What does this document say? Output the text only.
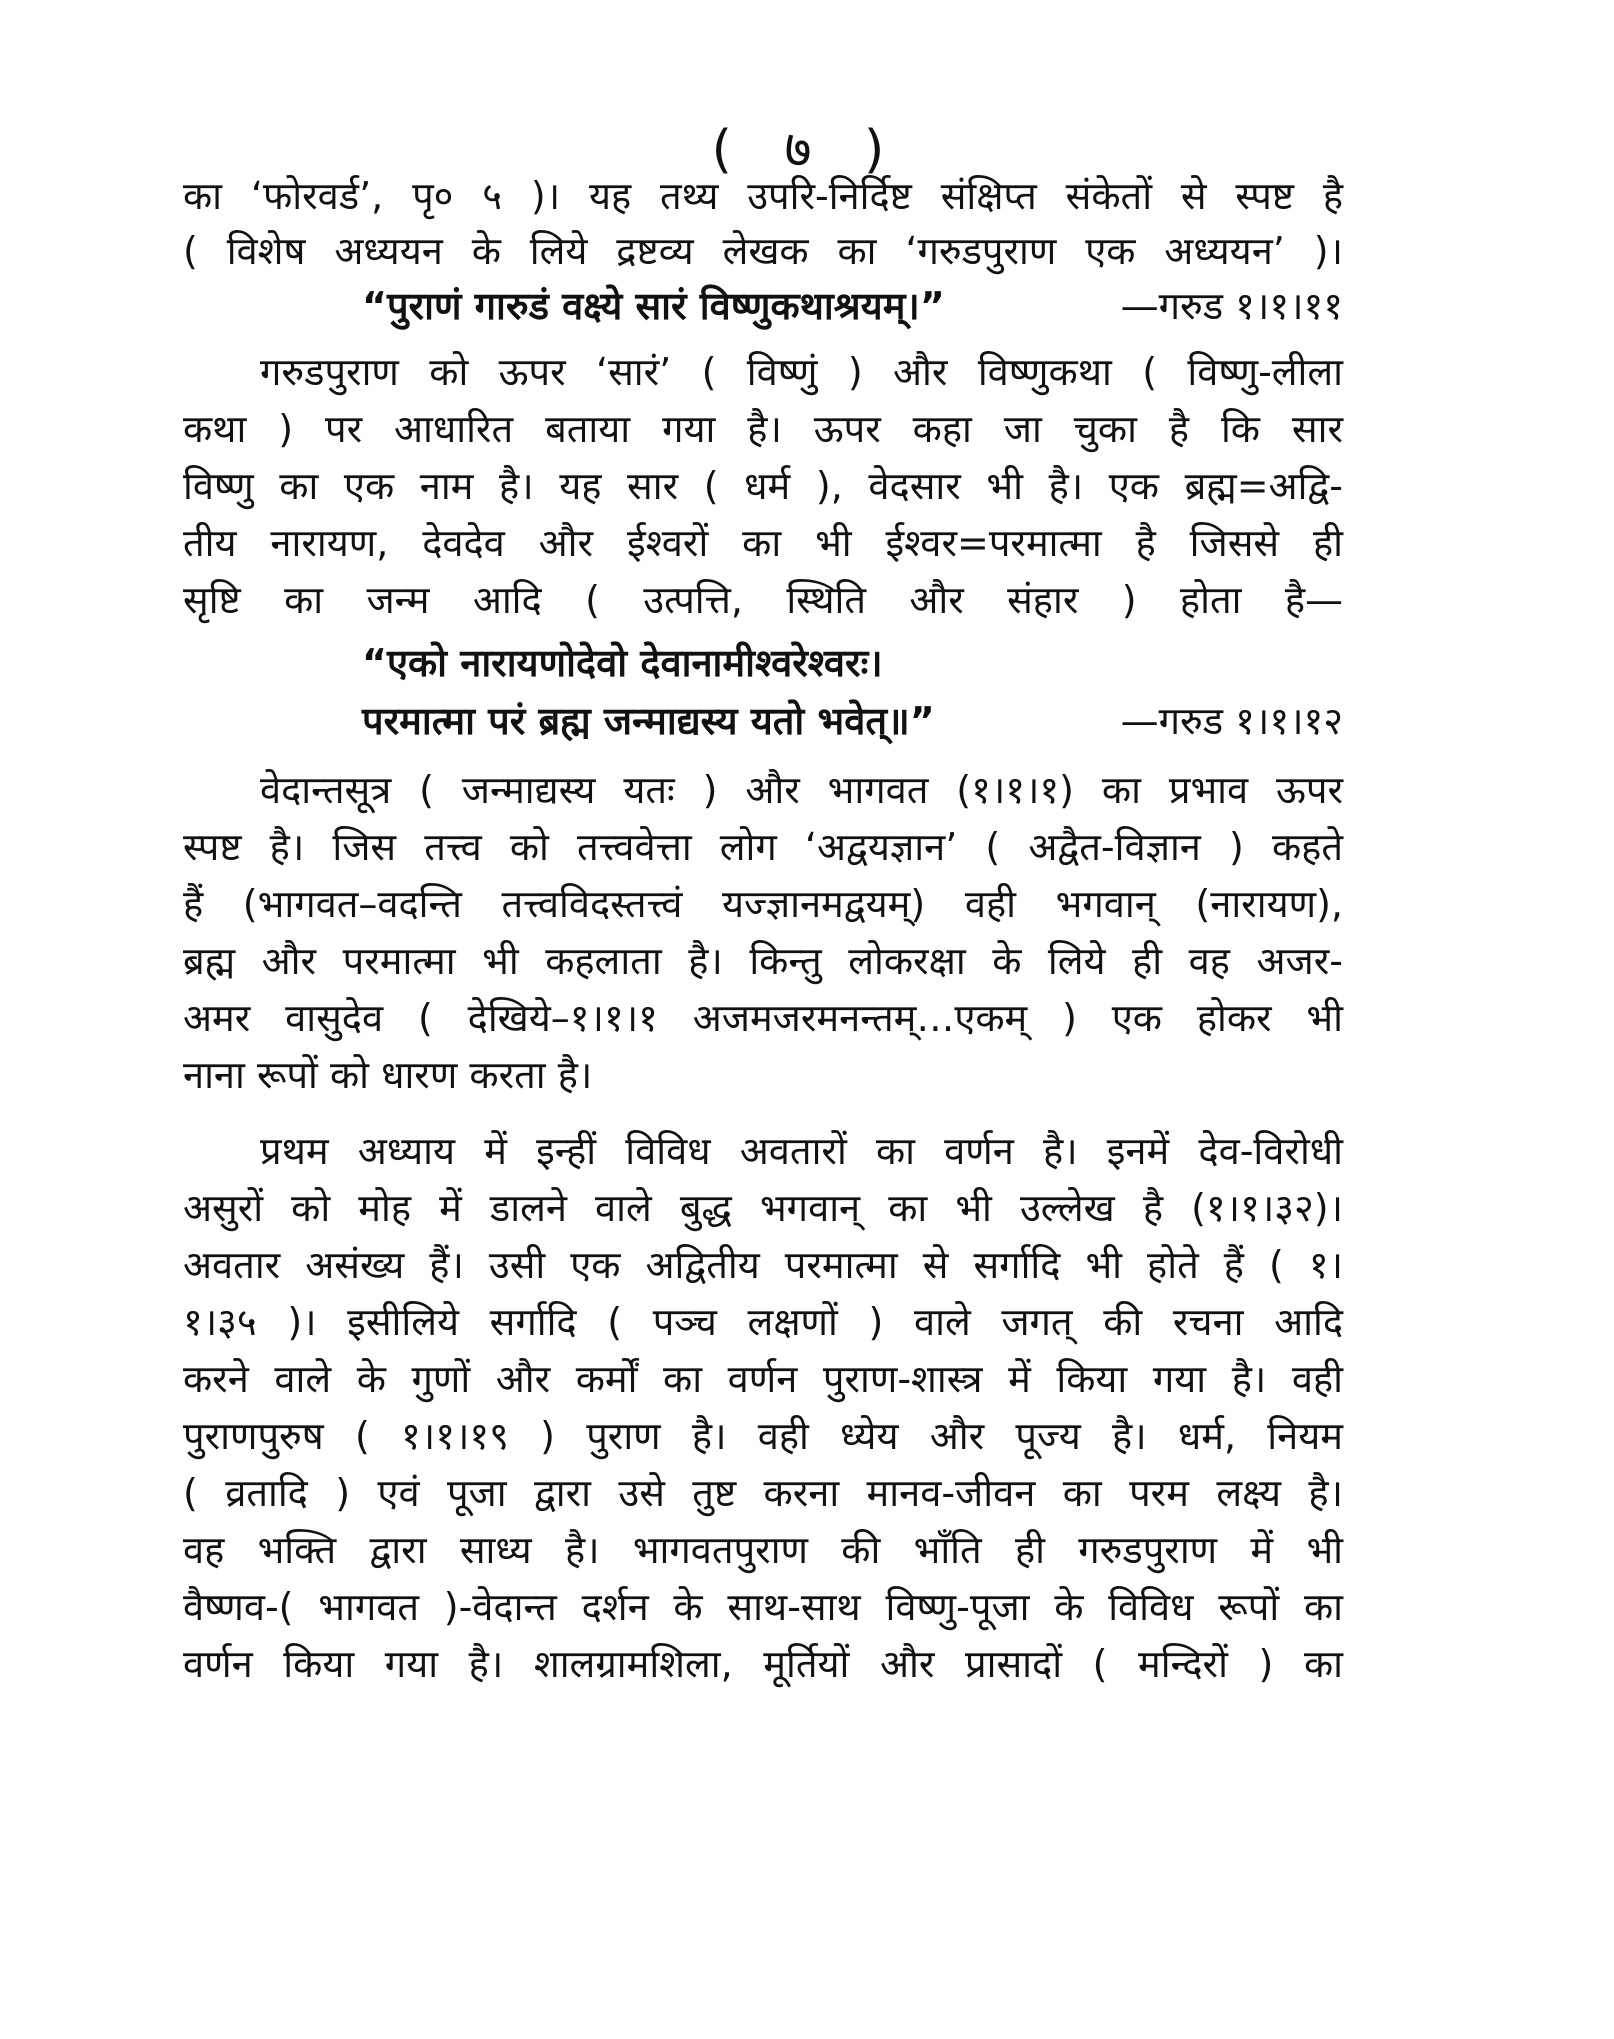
( ७ )
का ‘फोरवर्ड’, पृ० ५ )। यह तथ्य उपरि-निर्दिष्ट संक्षिप्त संकेतों से स्पष्ट है
( विशेष अध्ययन के लिये द्रष्टव्य लेखक का ‘गरुडपुराण एक अध्ययन’ )।
“पुराणं गारुडं वक्ष्ये सारं विष्णुकथाश्रयम्।”	—गरुड १।१।११
गरुडपुराण को ऊपर ‘सारं’ ( विष्णुं ) और विष्णुकथा ( विष्णु-लीला
कथा ) पर आधारित बताया गया है। ऊपर कहा जा चुका है कि सार
विष्णु का एक नाम है। यह सार ( धर्म ), वेदसार भी है। एक ब्रह्म=अद्वि-
तीय नारायण, देवदेव और ईश्वरों का भी ईश्वर=परमात्मा है जिससे ही
सृष्टि का जन्म आदि ( उत्पत्ति, स्थिति और संहार ) होता है—
“एको नारायणोदेवो देवानामीश्वरेश्वरः।
परमात्मा परं ब्रह्म जन्माद्यस्य यतो भवेत्॥”	—गरुड १।१।१२
वेदान्तसूत्र ( जन्माद्यस्य यतः ) और भागवत (१।१।१) का प्रभाव ऊपर
स्पष्ट है। जिस तत्त्व को तत्त्ववेत्ता लोग ‘अद्वयज्ञान’ ( अद्वैत-विज्ञान ) कहते
हैं (भागवत–वदन्ति तत्त्वविदस्तत्त्वं यज्ज्ञानमद्वयम्) वही भगवान् (नारायण),
ब्रह्म और परमात्मा भी कहलाता है। किन्तु लोकरक्षा के लिये ही वह अजर-
अमर वासुदेव ( देखिये–१।१।१ अजमजरमनन्तम्…एकम् ) एक होकर भी
नाना रूपों को धारण करता है।
प्रथम अध्याय में इन्हीं विविध अवतारों का वर्णन है। इनमें देव-विरोधी
असुरों को मोह में डालने वाले बुद्ध भगवान् का भी उल्लेख है (१।१।३२)।
अवतार असंख्य हैं। उसी एक अद्वितीय परमात्मा से सर्गादि भी होते हैं ( १।
१।३५ )। इसीलिये सर्गादि ( पञ्च लक्षणों ) वाले जगत् की रचना आदि
करने वाले के गुणों और कर्मों का वर्णन पुराण-शास्त्र में किया गया है। वही
पुराणपुरुष ( १।१।१९ ) पुराण है। वही ध्येय और पूज्य है। धर्म, नियम
( व्रतादि ) एवं पूजा द्वारा उसे तुष्ट करना मानव-जीवन का परम लक्ष्य है।
वह भक्ति द्वारा साध्य है। भागवतपुराण की भाँति ही गरुडपुराण में भी
वैष्णव-( भागवत )-वेदान्त दर्शन के साथ-साथ विष्णु-पूजा के विविध रूपों का
वर्णन किया गया है। शालग्रामशिला, मूर्तियों और प्रासादों ( मन्दिरों ) का
